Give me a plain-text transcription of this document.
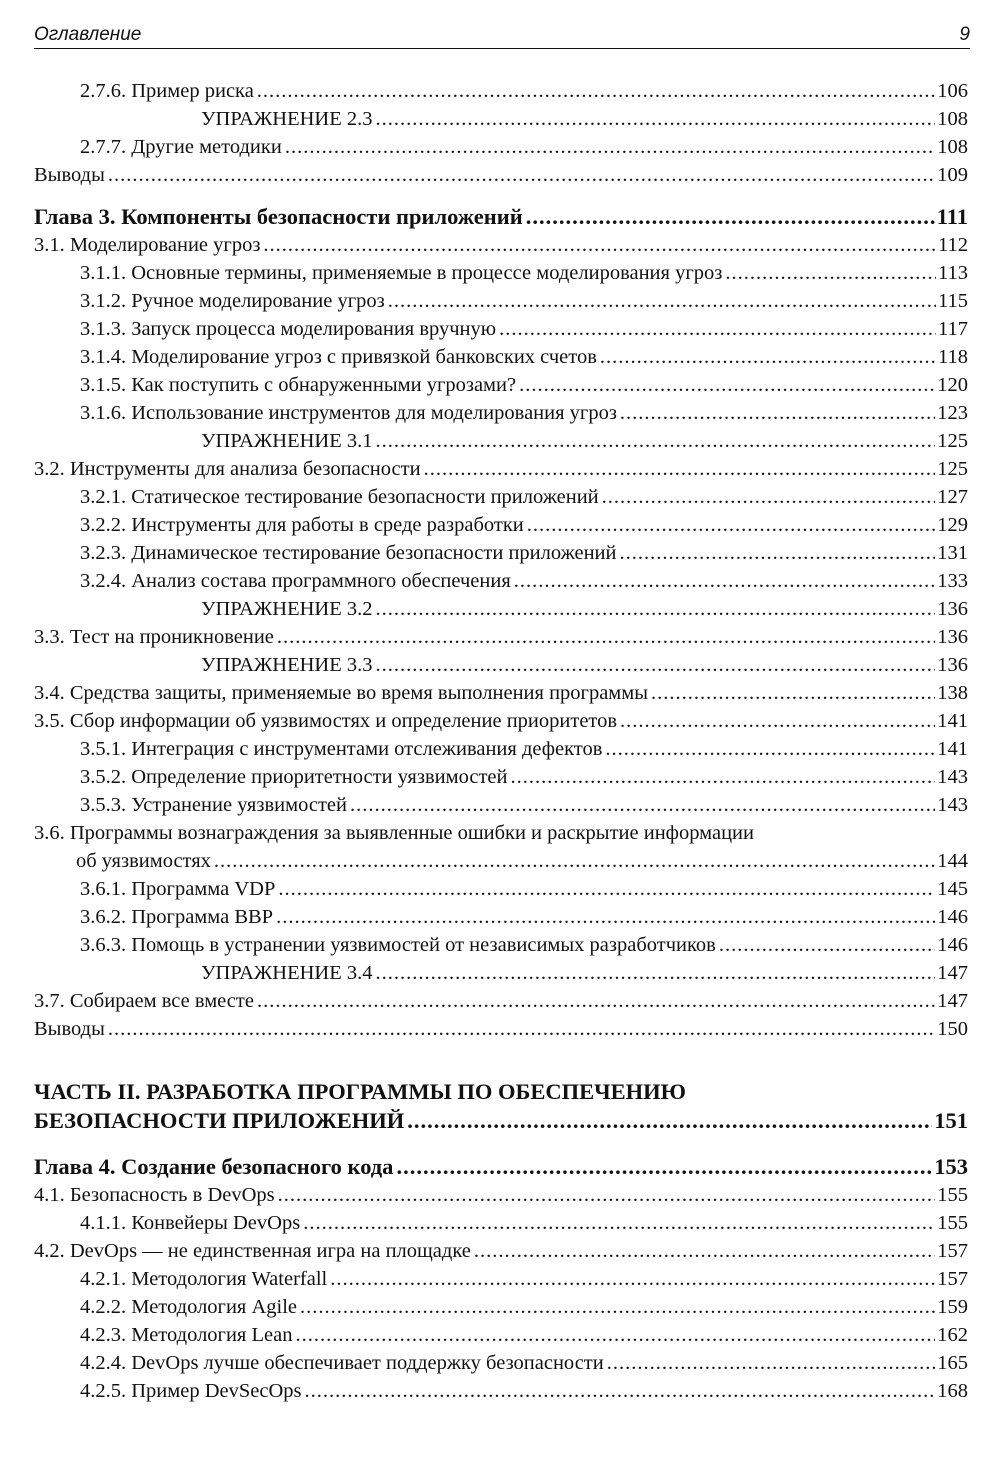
Оглавление	9
2.7.6. Пример риска .....	106
УПРАЖНЕНИЕ 2.3 .....	108
2.7.7. Другие методики .....	108
Выводы .....	109
Глава 3. Компоненты безопасности приложений .....	111
3.1. Моделирование угроз .....	112
3.1.1. Основные термины, применяемые в процессе моделирования угроз .....	113
3.1.2. Ручное моделирование угроз .....	115
3.1.3. Запуск процесса моделирования вручную .....	117
3.1.4. Моделирование угроз с привязкой банковских счетов .....	118
3.1.5. Как поступить с обнаруженными угрозами? .....	120
3.1.6. Использование инструментов для моделирования угроз .....	123
УПРАЖНЕНИЕ 3.1 .....	125
3.2. Инструменты для анализа безопасности .....	125
3.2.1. Статическое тестирование безопасности приложений .....	127
3.2.2. Инструменты для работы в среде разработки .....	129
3.2.3. Динамическое тестирование безопасности приложений .....	131
3.2.4. Анализ состава программного обеспечения .....	133
УПРАЖНЕНИЕ 3.2 .....	136
3.3. Тест на проникновение .....	136
УПРАЖНЕНИЕ 3.3 .....	136
3.4. Средства защиты, применяемые во время выполнения программы .....	138
3.5. Сбор информации об уязвимостях и определение приоритетов .....	141
3.5.1. Интеграция с инструментами отслеживания дефектов .....	141
3.5.2. Определение приоритетности уязвимостей .....	143
3.5.3. Устранение уязвимостей .....	143
3.6. Программы вознаграждения за выявленные ошибки и раскрытие информации
об уязвимостях .....	144
3.6.1. Программа VDP .....	145
3.6.2. Программа BBP .....	146
3.6.3. Помощь в устранении уязвимостей от независимых разработчиков .....	146
УПРАЖНЕНИЕ 3.4 .....	147
3.7. Собираем все вместе .....	147
Выводы .....	150
ЧАСТЬ II. РАЗРАБОТКА ПРОГРАММЫ ПО ОБЕСПЕЧЕНИЮ
БЕЗОПАСНОСТИ ПРИЛОЖЕНИЙ .....	151
Глава 4. Создание безопасного кода .....	153
4.1. Безопасность в DevOps .....	155
4.1.1. Конвейеры DevOps .....	155
4.2. DevOps — не единственная игра на площадке .....	157
4.2.1. Методология Waterfall .....	157
4.2.2. Методология Agile .....	159
4.2.3. Методология Lean .....	162
4.2.4. DevOps лучше обеспечивает поддержку безопасности .....	165
4.2.5. Пример DevSecOps .....	168
